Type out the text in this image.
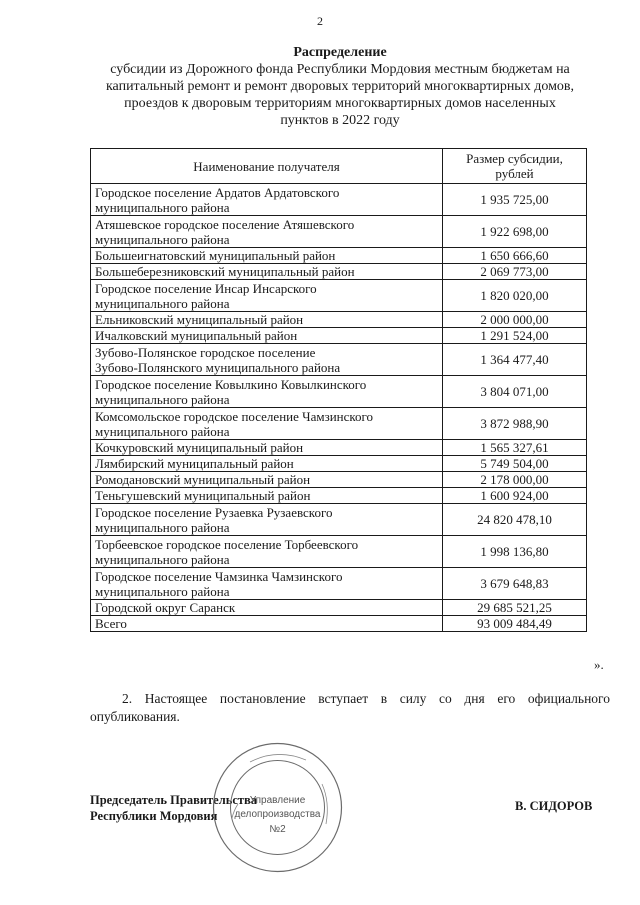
2
Распределение
субсидии из Дорожного фонда Республики Мордовия местным бюджетам на
капитальный ремонт и ремонт дворовых территорий многоквартирных домов,
проездов к дворовым территориям многоквартирных домов населенных
пунктов в 2022 году
Наименование получателя	Размер субсидии,
рублей

Городское поселение Ардатов Ардатовского
муниципального района	1 935 725,00

Атяшевское городское поселение Атяшевского
муниципального района	1 922 698,00

Большеигнатовский муниципальный район	1 650 666,60

Большеберезниковский муниципальный район	2 069 773,00

Городское поселение Инсар Инсарского
муниципального района	1 820 020,00

Ельниковский муниципальный район	2 000 000,00

Ичалковский муниципальный район	1 291 524,00

Зубово-Полянское городское поселение
Зубово-Полянского муниципального района	1 364 477,40

Городское поселение Ковылкино Ковылкинского
муниципального района	3 804 071,00

Комсомольское городское поселение Чамзинского
муниципального района	3 872 988,90

Кочкуровский муниципальный район	1 565 327,61

Лямбирский муниципальный район	5 749 504,00

Ромодановский муниципальный район	2 178 000,00

Теньгушевский муниципальный район	1 600 924,00

Городское поселение Рузаевка Рузаевского
муниципального района	24 820 478,10

Торбеевское городское поселение Торбеевского
муниципального района	1 998 136,80

Городское поселение Чамзинка Чамзинского
муниципального района	3 679 648,83

Городской округ Саранск	29 685 521,25
Всего	93 009 484,49
».
2. Настоящее постановление вступает в силу со дня его официального опубликования.
Председатель Правительства
Республики Мордовия
В. СИДОРОВ
Управление
делопроизводства
№2
